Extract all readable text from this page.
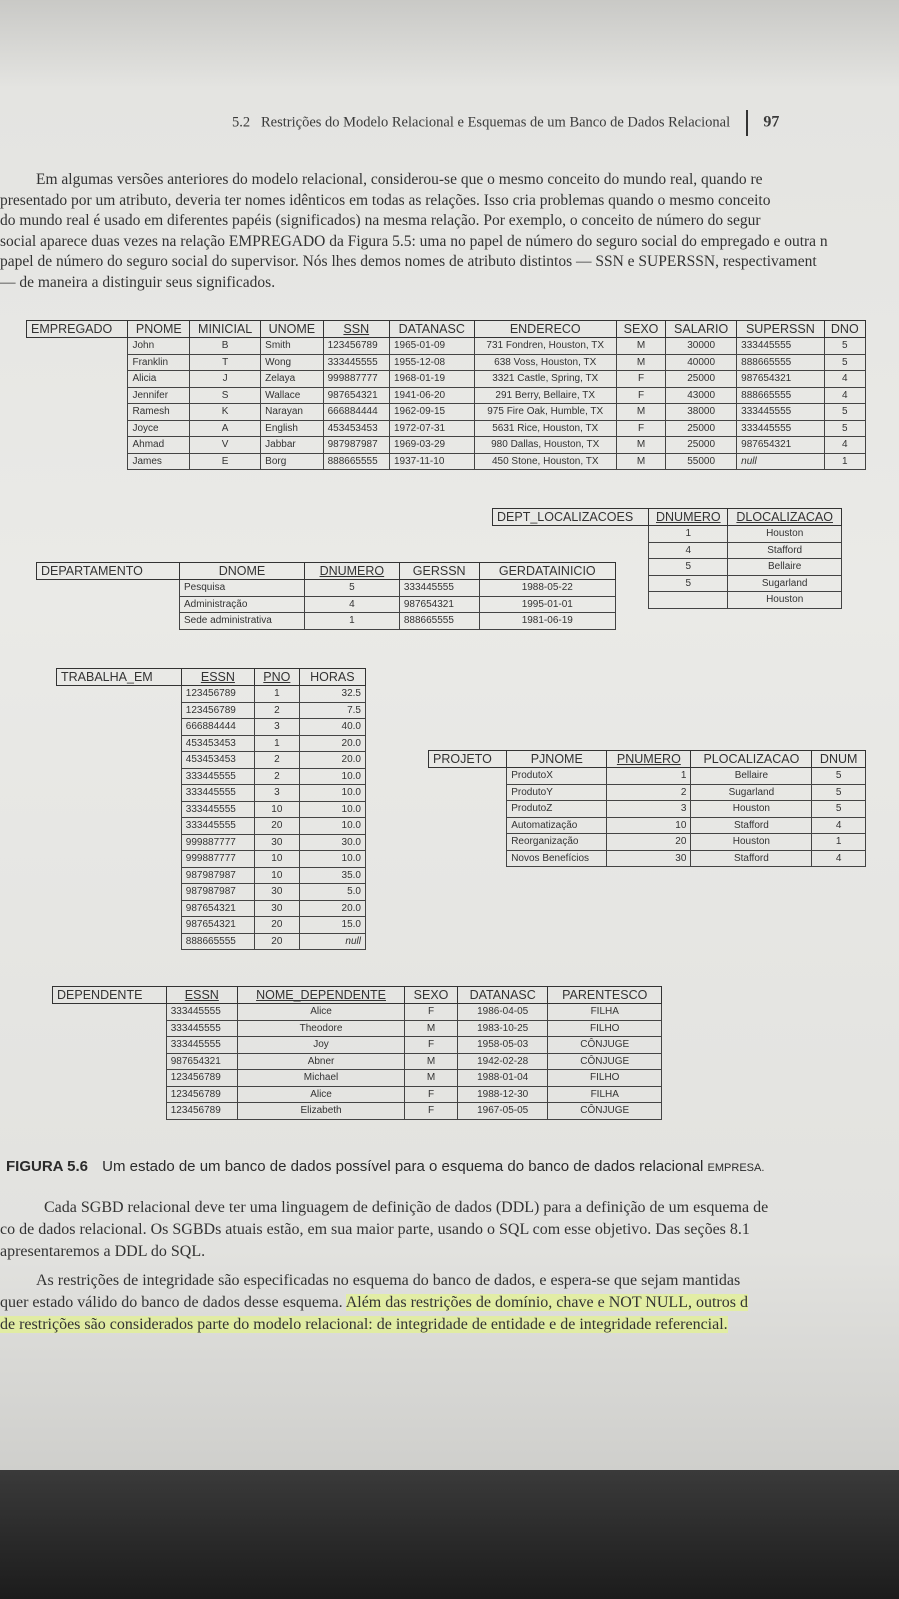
5.2 Restrições do Modelo Relacional e Esquemas de um Banco de Dados Relacional 97
Em algumas versões anteriores do modelo relacional, considerou-se que o mesmo conceito do mundo real, quando re
presentado por um atributo, deveria ter nomes idênticos em todas as relações. Isso cria problemas quando o mesmo conceito
do mundo real é usado em diferentes papéis (significados) na mesma relação. Por exemplo, o conceito de número do segur
social aparece duas vezes na relação EMPREGADO da Figura 5.5: uma no papel de número do seguro social do empregado e outra n
papel de número do seguro social do supervisor. Nós lhes demos nomes de atributo distintos — SSN e SUPERSSN, respectivament
— de maneira a distinguir seus significados.
EMPREGADO	PNOME	MINICIAL	UNOME	SSN	DATANASC	ENDERECO	SEXO	SALARIO	SUPERSSN	DNO
	John	B	Smith	123456789	1965-01-09	731 Fondren, Houston, TX	M	30000	333445555	5
	Franklin	T	Wong	333445555	1955-12-08	638 Voss, Houston, TX	M	40000	888665555	5
	Alicia	J	Zelaya	999887777	1968-01-19	3321 Castle, Spring, TX	F	25000	987654321	4
	Jennifer	S	Wallace	987654321	1941-06-20	291 Berry, Bellaire, TX	F	43000	888665555	4
	Ramesh	K	Narayan	666884444	1962-09-15	975 Fire Oak, Humble, TX	M	38000	333445555	5
	Joyce	A	English	453453453	1972-07-31	5631 Rice, Houston, TX	F	25000	333445555	5
	Ahmad	V	Jabbar	987987987	1969-03-29	980 Dallas, Houston, TX	M	25000	987654321	4
	James	E	Borg	888665555	1937-11-10	450 Stone, Houston, TX	M	55000	null	1
DEPT_LOCALIZACOES	DNUMERO	DLOCALIZACAO
	1	Houston
	4	Stafford
	5	Bellaire
	5	Sugarland
		Houston
DEPARTAMENTO	DNOME	DNUMERO	GERSSN	GERDATAINICIO
	Pesquisa	5	333445555	1988-05-22
	Administração	4	987654321	1995-01-01
	Sede administrativa	1	888665555	1981-06-19
TRABALHA_EM	ESSN	PNO	HORAS
	123456789	1	32.5
	123456789	2	7.5
	666884444	3	40.0
	453453453	1	20.0
	453453453	2	20.0
	333445555	2	10.0
	333445555	3	10.0
	333445555	10	10.0
	333445555	20	10.0
	999887777	30	30.0
	999887777	10	10.0
	987987987	10	35.0
	987987987	30	5.0
	987654321	30	20.0
	987654321	20	15.0
	888665555	20	null
PROJETO	PJNOME	PNUMERO	PLOCALIZACAO	DNUM
	ProdutoX	1	Bellaire	5
	ProdutoY	2	Sugarland	5
	ProdutoZ	3	Houston	5
	Automatização	10	Stafford	4
	Reorganização	20	Houston	1
	Novos Benefícios	30	Stafford	4
DEPENDENTE	ESSN	NOME_DEPENDENTE	SEXO	DATANASC	PARENTESCO
	333445555	Alice	F	1986-04-05	FILHA
	333445555	Theodore	M	1983-10-25	FILHO
	333445555	Joy	F	1958-05-03	CÔNJUGE
	987654321	Abner	M	1942-02-28	CÔNJUGE
	123456789	Michael	M	1988-01-04	FILHO
	123456789	Alice	F	1988-12-30	FILHA
	123456789	Elizabeth	F	1967-05-05	CÔNJUGE
FIGURA 5.6 Um estado de um banco de dados possível para o esquema do banco de dados relacional EMPRESA.
Cada SGBD relacional deve ter uma linguagem de definição de dados (DDL) para a definição de um esquema de
co de dados relacional. Os SGBDs atuais estão, em sua maior parte, usando o SQL com esse objetivo. Das seções 8.1
apresentaremos a DDL do SQL.
As restrições de integridade são especificadas no esquema do banco de dados, e espera-se que sejam mantidas
quer estado válido do banco de dados desse esquema. Além das restrições de domínio, chave e NOT NULL, outros d
de restrições são considerados parte do modelo relacional: de integridade de entidade e de integridade referencial.
